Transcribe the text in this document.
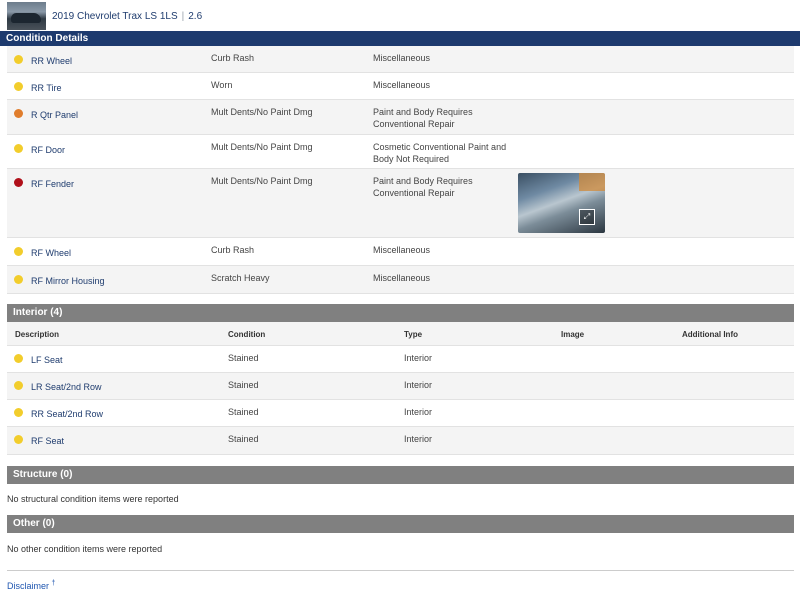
2019 Chevrolet Trax LS 1LS | 2.6
Condition Details
RR Wheel	Curb Rash	Miscellaneous
RR Tire	Worn	Miscellaneous
R Qtr Panel	Mult Dents/No Paint Dmg	Paint and Body Requires
Conventional Repair
RF Door	Mult Dents/No Paint Dmg	Cosmetic Conventional Paint and
Body Not Required
RF Fender	Mult Dents/No Paint Dmg	Paint and Body Requires
Conventional Repair
⤢
RF Wheel	Curb Rash	Miscellaneous
RF Mirror Housing	Scratch Heavy	Miscellaneous
Interior (4)
Description	Condition	Type	Image	Additional Info
LF Seat	Stained	Interior
LR Seat/2nd Row	Stained	Interior
RR Seat/2nd Row	Stained	Interior
RF Seat	Stained	Interior
Structure (0)
No structural condition items were reported
Other (0)
No other condition items were reported
Disclaimer †
